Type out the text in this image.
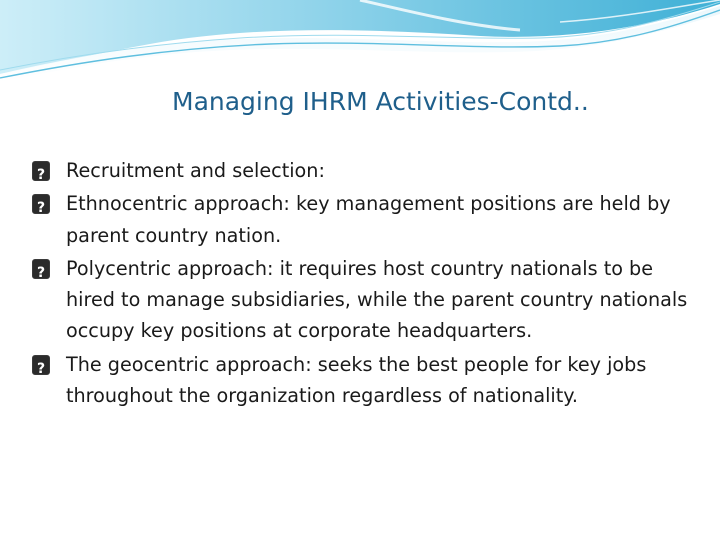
Managing IHRM Activities-Contd..
?
Recruitment and selection:
?
Ethnocentric approach: key management positions are held by parent country nation.
?
Polycentric approach: it requires host country nationals to be hired to manage subsidiaries, while the parent country nationals occupy key positions at corporate headquarters.
?
The geocentric approach: seeks the best people for key jobs throughout the organization regardless of nationality.
